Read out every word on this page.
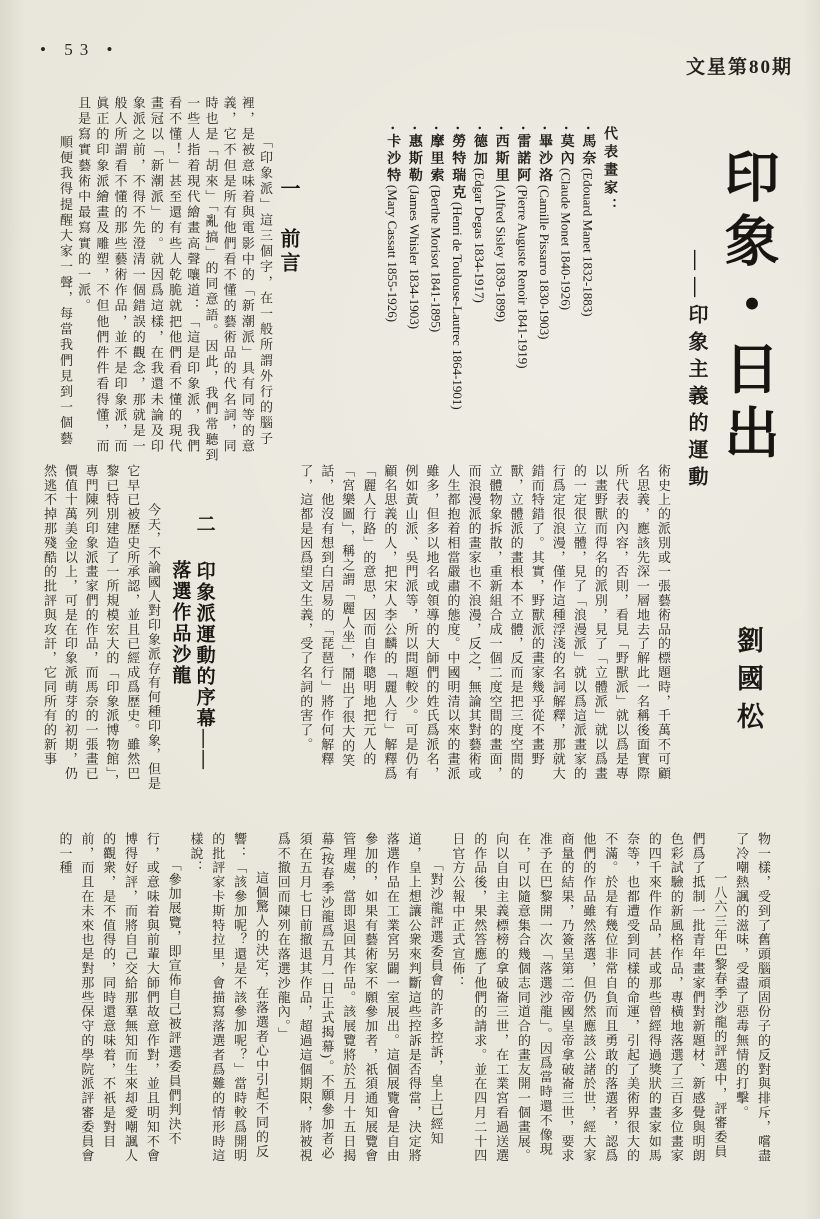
• 53 •
文星第80期
印象・日出
——印象主義的運動
劉國松
代表畫家：
•馬奈(Edouard Manet 1832-1883)
•莫內(Claude Monet 1840-1926)
•畢沙洛(Camille Pissarro 1830-1903)
•雷諾阿(Pierre Auguste Renoir 1841-1919)
•西斯里(Alfred Sisley 1839-1899)
•德加(Edgar Degas 1834-1917)
•勞特瑞克(Henri de Toulouse-Lautrec 1864-1901)
•摩里索(Berthe Morisot 1841-1895)
•惠斯勒(James Whisler 1834-1903)
•卡沙特(Mary Cassatt 1855-1926)
一前言

「印象派」這三個字，在一般所謂外行的腦子裡，是被意味着與電影中的「新潮派」具有同等的意義，它不但是所有他們看不懂的藝術品的代名詞，同時也是「胡來」「亂搞」的同意語。因此，我們常聽到一些人指着現代繪畫高聲嚷道：「這是印象派，我們看不懂！」甚至還有些人乾脆就把他們看不懂的現代畫冠以「新潮派」的。就因爲這樣，在我還未論及印象派之前，不得不先澄清一個錯誤的觀念，那就是一般人所謂看不懂的那些藝術作品，並不是印象派，而眞正的印象派繪畫及雕塑，不但他們件件看得懂，而且是寫實藝術中最寫實的一派。

順便我得提醒大家一聲，每當我們見到一個藝

術史上的派別或一張藝術品的標題時，千萬不可顧名思義，應該先深一層地去了解此一名稱後面實際所代表的內容，否則，看見「野獸派」就以爲是專以畫野獸而得名的派別，見了「立體派」就以爲畫的一定很立體，見了「浪漫派」就以爲這派畫家的行爲定很浪漫，僅作這種浮淺的名詞解釋，那就大錯而特錯了。其實，野獸派的畫家幾乎從不畫野獸，立體派的畫根本不立體，反而是把三度空間的立體物象拆散，重新組合成一個二度空間的畫面，而浪漫派的畫家也不浪漫，反之，無論其對藝術或人生都抱着相當嚴肅的態度。中國明清以來的畫派雖多，但多以地名或領導的大師們的姓氏爲派名，例如黃山派、吳門派等，所以問題較少。可是仍有顧名思義的人，把宋人李公麟的「麗人行」解釋爲「麗人行路」的意思，因而自作聰明地把元人的「宮樂圖」，稱之謂「麗人坐」，鬧出了很大的笑話，他沒有想到白居易的「琵琶行」將作何解釋了，這都是因爲望文生義，受了名詞的害了。

二印象派運動的序幕——
落選作品沙龍

今天，不論國人對印象派存有何種印象，但是它早已被歷史所承認，並且已經成爲歷史。雖然巴黎已特別建造了一所規模宏大的「印象派博物館」，專門陳列印象派畫家們的作品，而馬奈的一張畫已價值十萬美金以上，可是在印象派萌芽的初期，仍然逃不掉那殘酷的批評與攻訐，它同所有的新事

物一樣，受到了舊頭腦頑固份子的反對與排斥，嚐盡了冷嘲熱諷的滋味，受盡了惡毒無情的打擊。

一八六三年巴黎春季沙龍的評選中，評審委員們爲了抵制一批青年畫家們對新題材、新感覺與明朗色彩試驗的新風格作品，專橫地落選了三百多位畫家的四千來件作品，甚或那些曾經得過獎狀的畫家如馬奈等，也都遭受到同樣的命運，引起了美術界很大的不滿。於是有幾位非常自負而且勇敢的落選者，認爲他們的作品雖然落選，但仍然應該公諸於世，經大家商量的結果，乃簽呈第二帝國皇帝拿破崙三世，要求准予在巴黎開一次「落選沙龍」。因爲當時還不像現在，可以隨意集合幾個志同道合的畫友開一個畫展。向以自由主義標榜的拿破崙三世，在工業宮看過送選的作品後，果然答應了他們的請求。並在四月二十四日官方公報中正式宣佈：

「對沙龍評選委員會的許多控訴，皇上已經知道，皇上想讓公衆來判斷這些控訴是否得當，決定將落選作品在工業宮另闢一室展出。這個展覽會是自由參加的，如果有藝術家不願參加者，祇須通知展覽會管理處，當即退回其作品。該展覽將於五月十五日揭幕(按春季沙龍爲五月一日正式揭幕)。不願參加者必須在五月七日前撤退其作品，超過這個期限，將被視爲不撤回而陳列在落選沙龍內。」

這個驚人的決定，在落選者心中引起不同的反響：「該參加呢？還是不該參加呢？」當時較爲開明的批評家卡斯特拉里，會描寫落選者爲難的情形時這樣說：

「參加展覽，即宣佈自己被評選委員們判決不行，或意味着與前輩大師們故意作對，並且明知不會博得好評，而將自己交給那羣無知而生來却愛嘲諷人的觀衆，是不值得的，同時還意味着，不祇是對目前，而且在未來也是對那些保守的學院派評審委員會的一種
